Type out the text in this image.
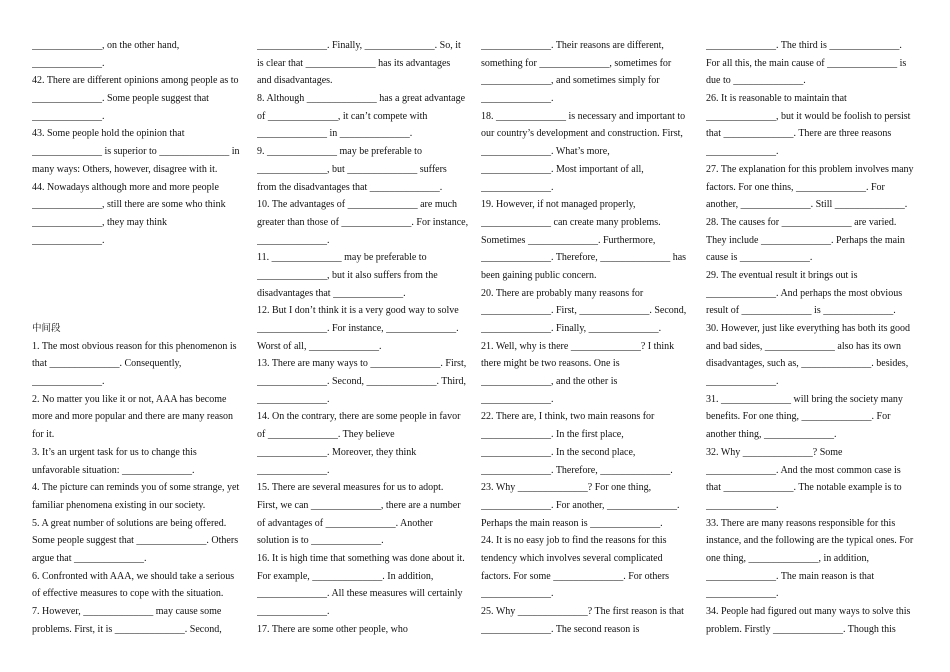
______________, on the other hand,
______________.
42. There are different opinions among people as to
______________. Some people suggest that
______________.
43. Some people hold the opinion that
______________ is superior to ______________ in
many ways: Others, however, disagree with it.
44. Nowadays although more and more people
______________, still there are some who think
______________, they may think
______________.
中间段
1. The most obvious reason for this phenomenon is
that ______________. Consequently,
______________.
2. No matter you like it or not, AAA has become
more and more popular and there are many reason
for it.
3. It’s an urgent task for us to change this
unfavorable situation: ______________.
4. The picture can reminds you of some strange, yet
familiar phenomena existing in our society.
5. A great number of solutions are being offered.
Some people suggest that ______________. Others
argue that ______________.
6. Confronted with AAA, we should take a serious
of effective measures to cope with the situation.
7. However, ______________ may cause some
problems. First, it is ______________. Second,
______________. Finally, ______________. So, it
is clear that ______________ has its advantages
and disadvantages.
8. Although ______________ has a great advantage
of ______________, it can’t compete with
______________ in ______________.
9. ______________ may be preferable to
______________, but ______________ suffers
from the disadvantages that ______________.
10. The advantages of ______________ are much
greater than those of ______________. For instance,
______________.
11. ______________ may be preferable to
______________, but it also suffers from the
disadvantages that ______________.
12. But I don’t think it is a very good way to solve
______________. For instance, ______________.
Worst of all, ______________.
13. There are many ways to ______________. First,
______________. Second, ______________. Third,
______________.
14. On the contrary, there are some people in favor
of ______________. They believe
______________. Moreover, they think
______________.
15. There are several measures for us to adopt.
First, we can ______________, there are a number
of advantages of ______________. Another
solution is to ______________.
16. It is high time that something was done about it.
For example, ______________. In addition,
______________. All these measures will certainly
______________.
17. There are some other people, who
______________. Their reasons are different,
something for ______________, sometimes for
______________, and sometimes simply for
______________.
18. ______________ is necessary and important to
our country’s development and construction. First,
______________. What’s more,
______________. Most important of all,
______________.
19. However, if not managed properly,
______________ can create many problems.
Sometimes ______________. Furthermore,
______________. Therefore, ______________ has
been gaining public concern.
20. There are probably many reasons for
______________. First, ______________. Second,
______________. Finally, ______________.
21. Well, why is there ______________? I think
there might be two reasons. One is
______________, and the other is
______________.
22. There are, I think, two main reasons for
______________. In the first place,
______________. In the second place,
______________. Therefore, ______________.
23. Why ______________? For one thing,
______________. For another, ______________.
Perhaps the main reason is ______________.
24. It is no easy job to find the reasons for this
tendency which involves several complicated
factors. For some ______________. For others
______________.
25. Why ______________? The first reason is that
______________. The second reason is
______________. The third is ______________.
For all this, the main cause of ______________ is
due to ______________.
26. It is reasonable to maintain that
______________, but it would be foolish to persist
that ______________. There are three reasons
______________.
27. The explanation for this problem involves many
factors. For one thins, ______________. For
another, ______________. Still ______________.
28. The causes for ______________ are varied.
They include ______________. Perhaps the main
cause is ______________.
29. The eventual result it brings out is
______________. And perhaps the most obvious
result of ______________ is ______________.
30. However, just like everything has both its good
and bad sides, ______________ also has its own
disadvantages, such as, ______________. besides,
______________.
31. ______________ will bring the society many
benefits. For one thing, ______________. For
another thing, ______________.
32. Why ______________? Some
______________. And the most common case is
that ______________. The notable example is to
______________.
33. There are many reasons responsible for this
instance, and the following are the typical ones. For
one thing, ______________, in addition,
______________. The main reason is that
______________.
34. People had figured out many ways to solve this
problem. Firstly ______________. Though this
